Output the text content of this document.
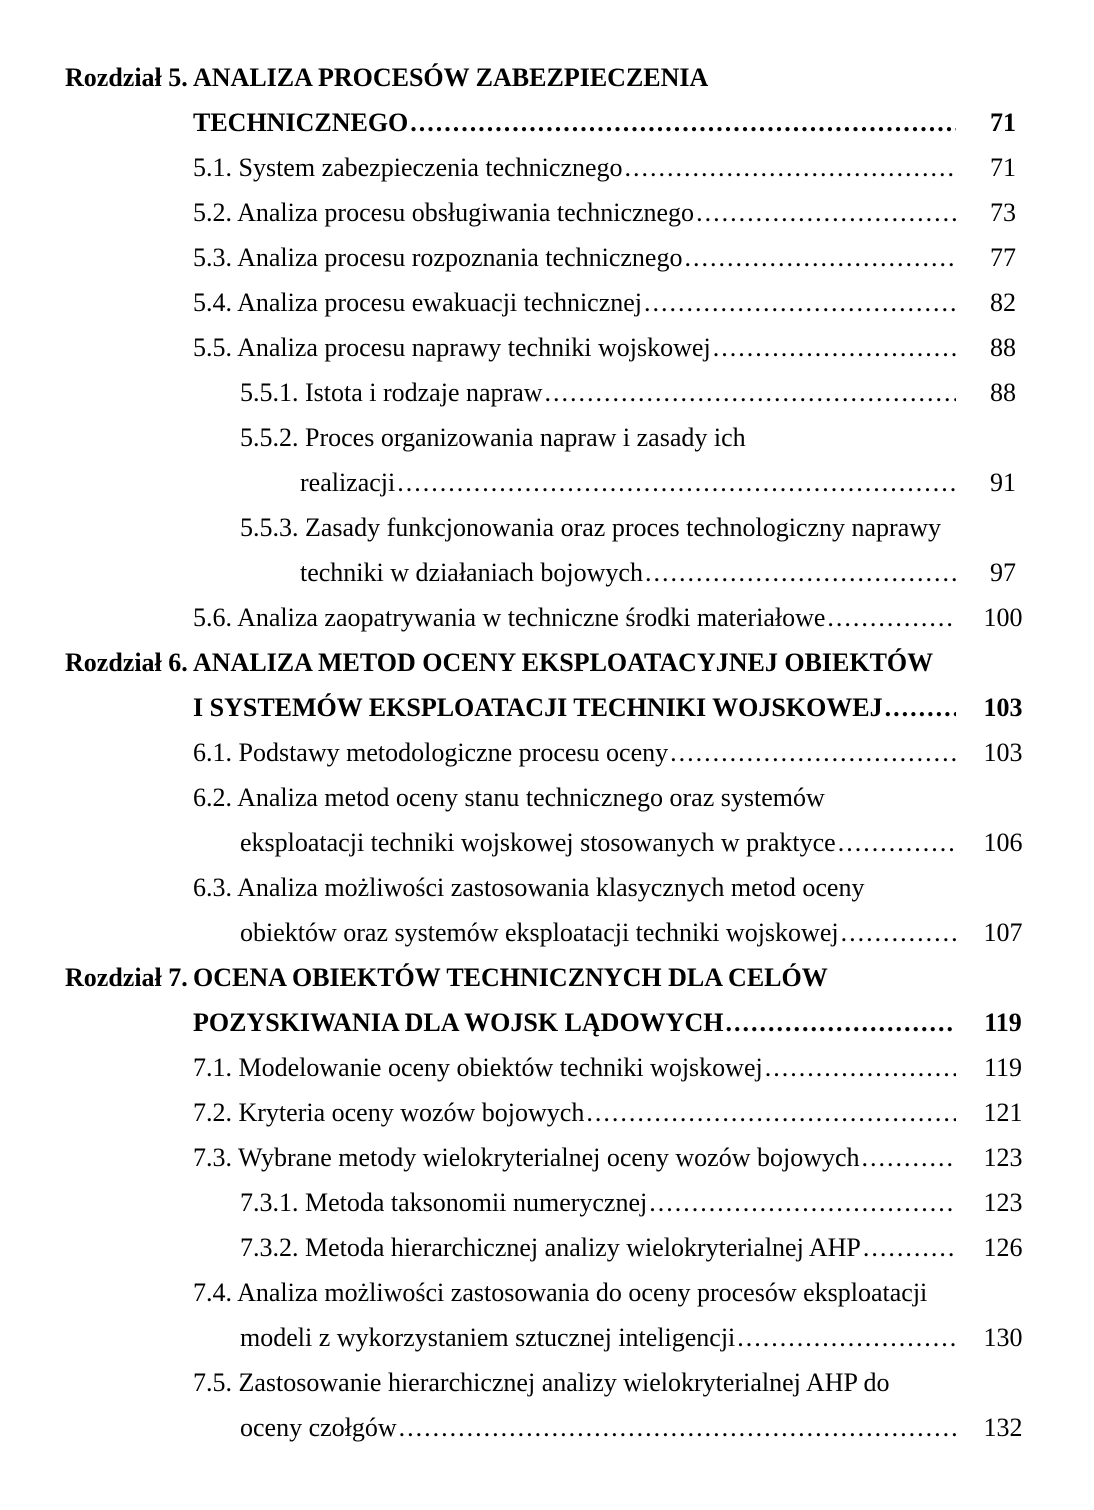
Rozdział 5. ANALIZA PROCESÓW ZABEZPIECZENIA
TECHNICZNEGO .....	71
5.1. System zabezpieczenia technicznego .....	71
5.2. Analiza procesu obsługiwania technicznego .....	73
5.3. Analiza procesu rozpoznania technicznego .....	77
5.4. Analiza procesu ewakuacji technicznej .....	82
5.5. Analiza procesu naprawy techniki wojskowej .....	88
5.5.1. Istota i rodzaje napraw .....	88
5.5.2. Proces organizowania napraw i zasady ich
realizacji .....	91
5.5.3. Zasady funkcjonowania oraz proces technologiczny naprawy
techniki w działaniach bojowych .....	97
5.6. Analiza zaopatrywania w techniczne środki materiałowe .....	100
Rozdział 6. ANALIZA METOD OCENY EKSPLOATACYJNEJ OBIEKTÓW
I SYSTEMÓW EKSPLOATACJI TECHNIKI WOJSKOWEJ .....	103
6.1. Podstawy metodologiczne procesu oceny .....	103
6.2. Analiza metod oceny stanu technicznego oraz systemów
eksploatacji techniki wojskowej stosowanych w praktyce .....	106
6.3. Analiza możliwości zastosowania klasycznych metod oceny
obiektów oraz systemów eksploatacji techniki wojskowej .....	107
Rozdział 7. OCENA OBIEKTÓW TECHNICZNYCH DLA CELÓW
POZYSKIWANIA DLA WOJSK LĄDOWYCH .....	119
7.1. Modelowanie oceny obiektów techniki wojskowej .....	119
7.2. Kryteria oceny wozów bojowych .....	121
7.3. Wybrane metody wielokryterialnej oceny wozów bojowych .....	123
7.3.1. Metoda taksonomii numerycznej .....	123
7.3.2. Metoda hierarchicznej analizy wielokryterialnej AHP .....	126
7.4. Analiza możliwości zastosowania do oceny procesów eksploatacji
modeli z wykorzystaniem sztucznej inteligencji .....	130
7.5. Zastosowanie hierarchicznej analizy wielokryterialnej AHP do
oceny czołgów .....	132
